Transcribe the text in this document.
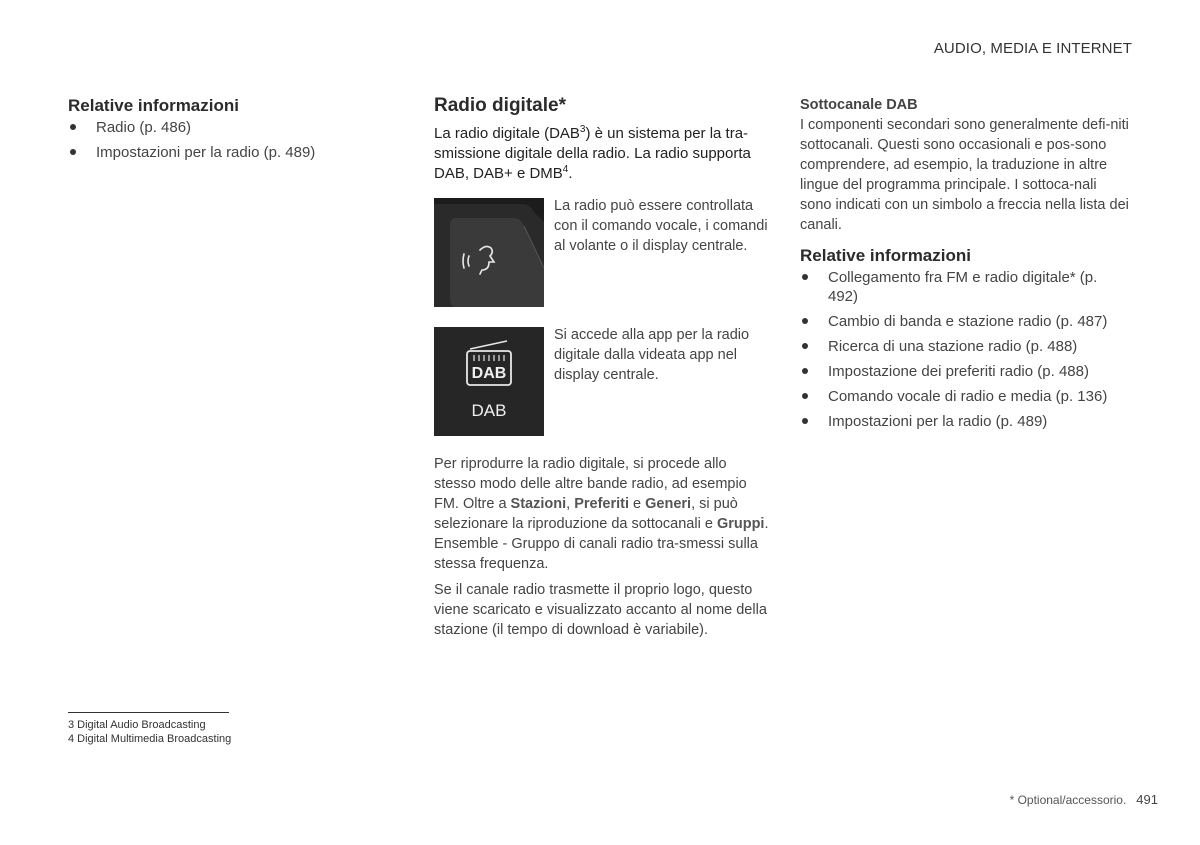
AUDIO, MEDIA E INTERNET
Relative informazioni
Radio (p. 486)
Impostazioni per la radio (p. 489)
Radio digitale*

La radio digitale (DAB$^3$) è un sistema per la tra-smissione digitale della radio. La radio supporta DAB, DAB+ e DMB$^4$.

La radio può essere controllata con il comando vocale, i comandi al volante o il display centrale.

DAB
DAB

Si accede alla app per la radio digitale dalla videata app nel display centrale.

Per riprodurre la radio digitale, si procede allo stesso modo delle altre bande radio, ad esempio FM. Oltre a Stazioni, Preferiti e Generi, si può selezionare la riproduzione da sottocanali e Gruppi. Ensemble - Gruppo di canali radio tra-smessi sulla stessa frequenza.

Se il canale radio trasmette il proprio logo, questo viene scaricato e visualizzato accanto al nome della stazione (il tempo di download è variabile).

Sottocanale DAB

I componenti secondari sono generalmente defi-niti sottocanali. Questi sono occasionali e pos-sono comprendere, ad esempio, la traduzione in altre lingue del programma principale. I sottoca-nali sono indicati con un simbolo a freccia nella lista dei canali.

Relative informazioni
Collegamento fra FM e radio digitale* (p. 492)
Cambio di banda e stazione radio (p. 487)
Ricerca di una stazione radio (p. 488)
Impostazione dei preferiti radio (p. 488)
Comando vocale di radio e media (p. 136)
Impostazioni per la radio (p. 489)
3 Digital Audio Broadcasting
4 Digital Multimedia Broadcasting
* Optional/accessorio. 491
